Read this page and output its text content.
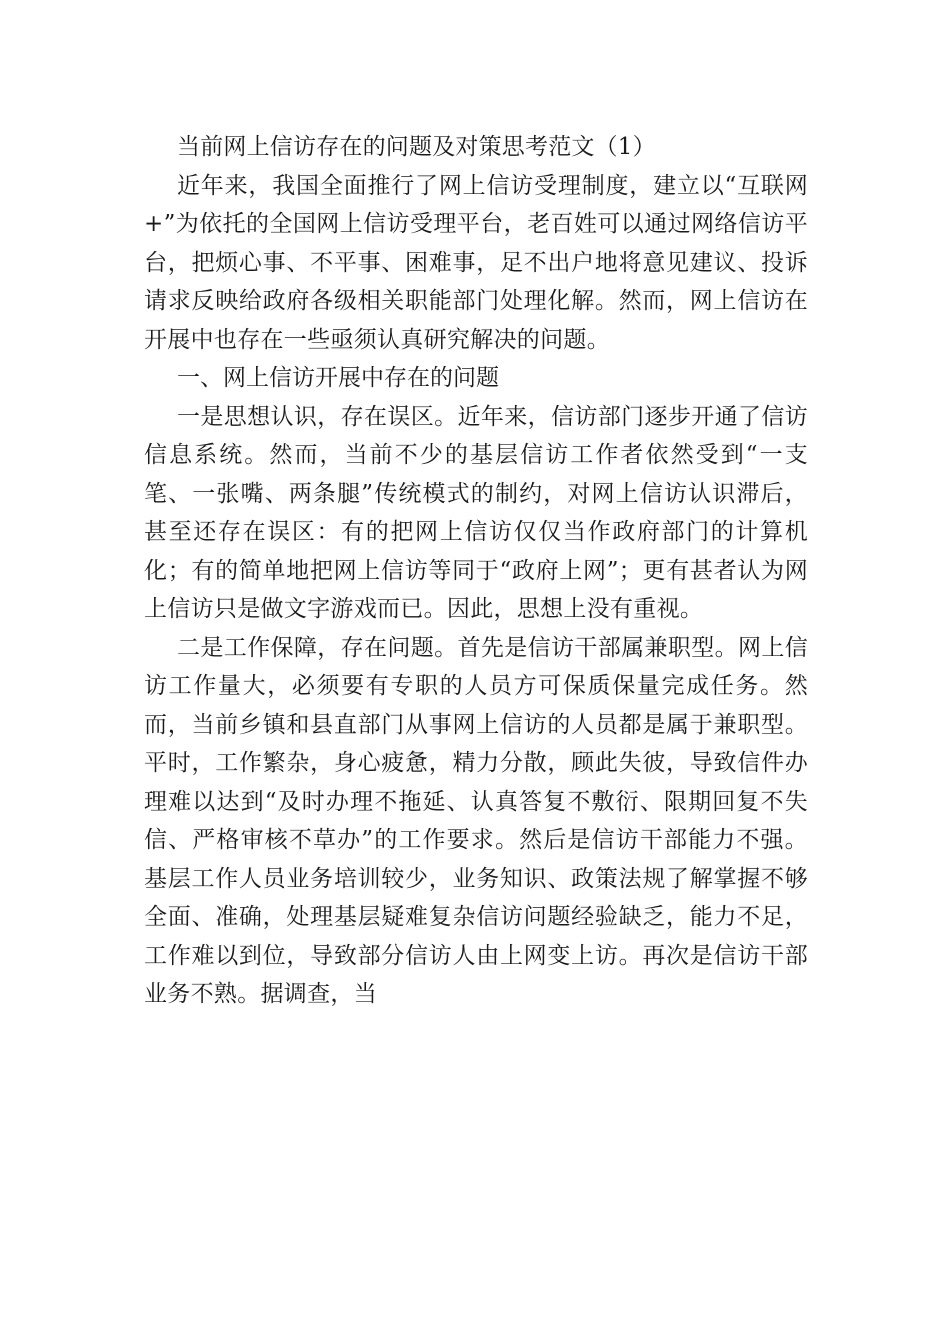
当前网上信访存在的问题及对策思考范文（1）

近年来，我国全面推行了网上信访受理制度，建立以“互联网+”为依托的全国网上信访受理平台，老百姓可以通过网络信访平台，把烦心事、不平事、困难事，足不出户地将意见建议、投诉请求反映给政府各级相关职能部门处理化解。然而，网上信访在开展中也存在一些亟须认真研究解决的问题。

一、网上信访开展中存在的问题

一是思想认识，存在误区。近年来，信访部门逐步开通了信访信息系统。然而，当前不少的基层信访工作者依然受到“一支笔、一张嘴、两条腿”传统模式的制约，对网上信访认识滞后，甚至还存在误区：有的把网上信访仅仅当作政府部门的计算机化；有的简单地把网上信访等同于“政府上网”；更有甚者认为网上信访只是做文字游戏而已。因此，思想上没有重视。

二是工作保障，存在问题。首先是信访干部属兼职型。网上信访工作量大，必须要有专职的人员方可保质保量完成任务。然而，当前乡镇和县直部门从事网上信访的人员都是属于兼职型。平时，工作繁杂，身心疲惫，精力分散，顾此失彼，导致信件办理难以达到“及时办理不拖延、认真答复不敷衍、限期回复不失信、严格审核不草办”的工作要求。然后是信访干部能力不强。基层工作人员业务培训较少，业务知识、政策法规了解掌握不够全面、准确，处理基层疑难复杂信访问题经验缺乏，能力不足，工作难以到位，导致部分信访人由上网变上访。再次是信访干部业务不熟。据调查，当
